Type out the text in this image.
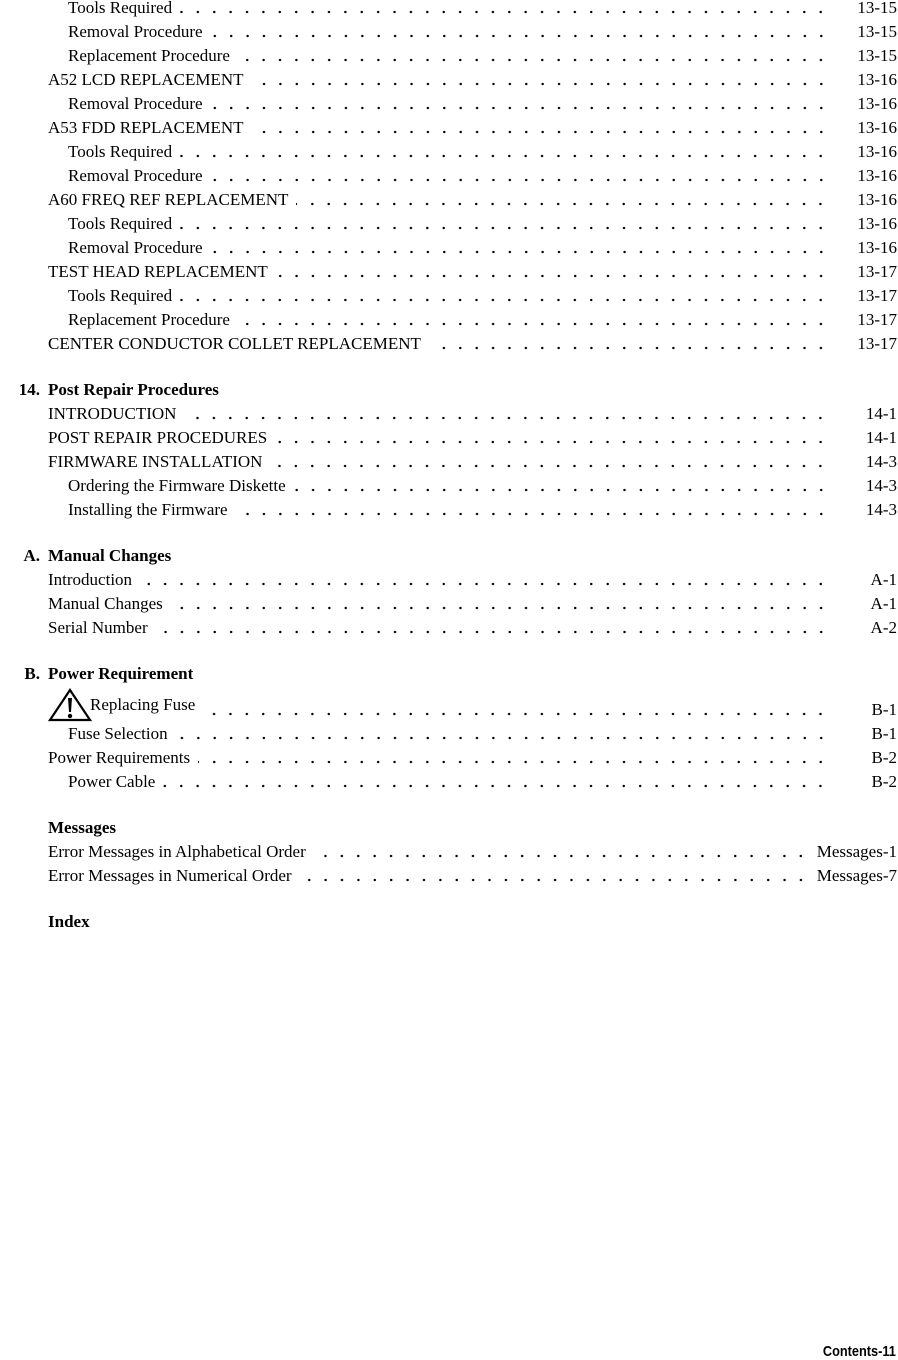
Tools Required	13-15
Removal Procedure	13-15
Replacement Procedure	13-15
A52 LCD REPLACEMENT	13-16
Removal Procedure	13-16
A53 FDD REPLACEMENT	13-16
Tools Required	13-16
Removal Procedure	13-16
A60 FREQ REF REPLACEMENT	13-16
Tools Required	13-16
Removal Procedure	13-16
TEST HEAD REPLACEMENT	13-17
Tools Required	13-17
Replacement Procedure	13-17
CENTER CONDUCTOR COLLET REPLACEMENT	13-17
14. Post Repair Procedures
INTRODUCTION	14-1
POST REPAIR PROCEDURES	14-1
FIRMWARE INSTALLATION	14-3
Ordering the Firmware Diskette	14-3
Installing the Firmware	14-3
A. Manual Changes
Introduction	A-1
Manual Changes	A-1
Serial Number	A-2
B. Power Requirement
Replacing Fuse	B-1
Fuse Selection	B-1
Power Requirements	B-2
Power Cable	B-2
Messages
Error Messages in Alphabetical Order	Messages-1
Error Messages in Numerical Order	Messages-7
Index
Contents-11
